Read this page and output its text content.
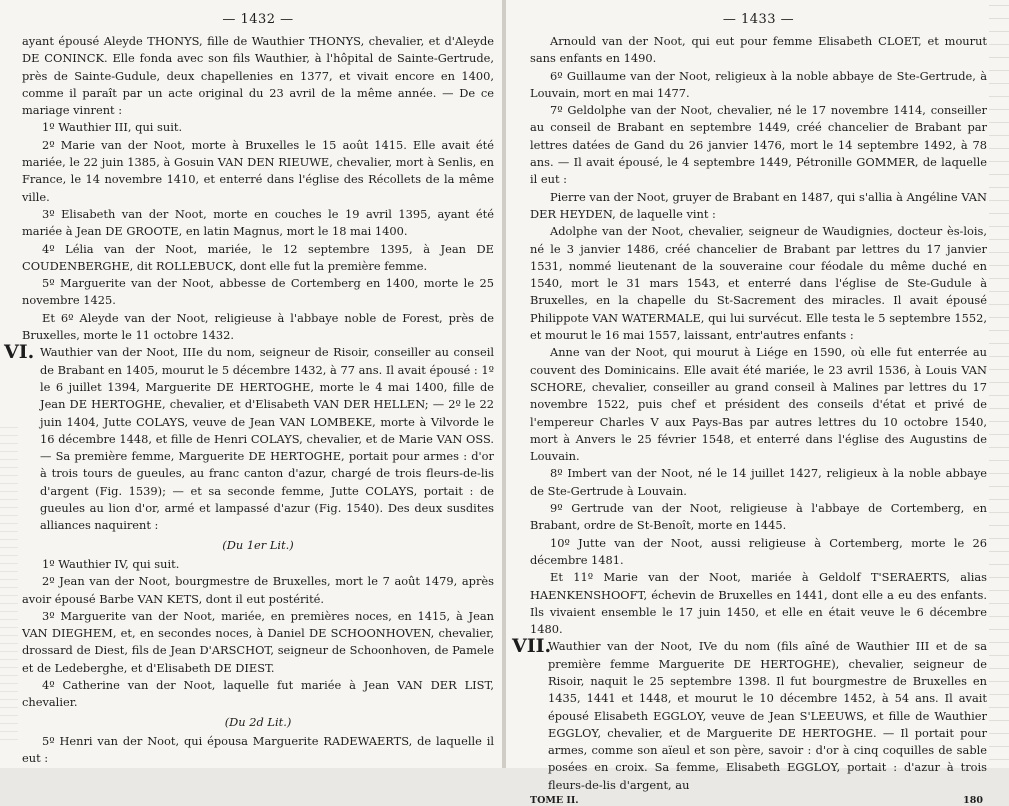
— 1432 —

ayant épousé Aleyde THONYS, fille de Wauthier THONYS, chevalier, et d'Aleyde DE CONINCK. Elle fonda avec son fils Wauthier, à l'hôpital de Sainte-Gertrude, près de Sainte-Gudule, deux chapellenies en 1377, et vivait encore en 1400, comme il paraît par un acte original du 23 avril de la même année. — De ce mariage vinrent :

1º Wauthier III, qui suit.

2º Marie van der Noot, morte à Bruxelles le 15 août 1415. Elle avait été mariée, le 22 juin 1385, à Gosuin VAN DEN RIEUWE, chevalier, mort à Senlis, en France, le 14 novembre 1410, et enterré dans l'église des Récollets de la même ville.

3º Elisabeth van der Noot, morte en couches le 19 avril 1395, ayant été mariée à Jean DE GROOTE, en latin Magnus, mort le 18 mai 1400.

4º Lélia van der Noot, mariée, le 12 septembre 1395, à Jean DE COUDENBERGHE, dit ROLLEBUCK, dont elle fut la première femme.

5º Marguerite van der Noot, abbesse de Cortemberg en 1400, morte le 25 novembre 1425.

Et 6º Aleyde van der Noot, religieuse à l'abbaye noble de Forest, près de Bruxelles, morte le 11 octobre 1432.

VI. Wauthier van der Noot, IIIe du nom, seigneur de Risoir, conseiller au conseil de Brabant en 1405, mourut le 5 décembre 1432, à 77 ans. Il avait épousé : 1º le 6 juillet 1394, Marguerite DE HERTOGHE, morte le 4 mai 1400, fille de Jean DE HERTOGHE, chevalier, et d'Elisabeth VAN DER HELLEN; — 2º le 22 juin 1404, Jutte COLAYS, veuve de Jean VAN LOMBEKE, morte à Vilvorde le 16 décembre 1448, et fille de Henri COLAYS, chevalier, et de Marie VAN OSS. — Sa première femme, Marguerite DE HERTOGHE, portait pour armes : d'or à trois tours de gueules, au franc canton d'azur, chargé de trois fleurs-de-lis d'argent (Fig. 1539); — et sa seconde femme, Jutte COLAYS, portait : de gueules au lion d'or, armé et lampassé d'azur (Fig. 1540). Des deux susdites alliances naquirent :

(Du 1er Lit.)

1º Wauthier IV, qui suit.

2º Jean van der Noot, bourgmestre de Bruxelles, mort le 7 août 1479, après avoir épousé Barbe VAN KETS, dont il eut postérité.

3º Marguerite van der Noot, mariée, en premières noces, en 1415, à Jean VAN DIEGHEM, et, en secondes noces, à Daniel DE SCHOONHOVEN, chevalier, drossard de Diest, fils de Jean D'ARSCHOT, seigneur de Schoonhoven, de Pamele et de Ledeberghe, et d'Elisabeth DE DIEST.

4º Catherine van der Noot, laquelle fut mariée à Jean VAN DER LIST, chevalier.

(Du 2d Lit.)

5º Henri van der Noot, qui épousa Marguerite RADEWAERTS, de laquelle il eut :

— 1433 —

Arnould van der Noot, qui eut pour femme Elisabeth CLOET, et mourut sans enfants en 1490.

6º Guillaume van der Noot, religieux à la noble abbaye de Ste-Gertrude, à Louvain, mort en mai 1477.

7º Geldolphe van der Noot, chevalier, né le 17 novembre 1414, conseiller au conseil de Brabant en septembre 1449, créé chancelier de Brabant par lettres datées de Gand du 26 janvier 1476, mort le 14 septembre 1492, à 78 ans. — Il avait épousé, le 4 septembre 1449, Pétronille GOMMER, de laquelle il eut :

Pierre van der Noot, gruyer de Brabant en 1487, qui s'allia à Angéline VAN DER HEYDEN, de laquelle vint :

Adolphe van der Noot, chevalier, seigneur de Waudignies, docteur ès-lois, né le 3 janvier 1486, créé chancelier de Brabant par lettres du 17 janvier 1531, nommé lieutenant de la souveraine cour féodale du même duché en 1540, mort le 31 mars 1543, et enterré dans l'église de Ste-Gudule à Bruxelles, en la chapelle du St-Sacrement des miracles. Il avait épousé Philippote VAN WATERMALE, qui lui survécut. Elle testa le 5 septembre 1552, et mourut le 16 mai 1557, laissant, entr'autres enfants :

Anne van der Noot, qui mourut à Liége en 1590, où elle fut enterrée au couvent des Dominicains. Elle avait été mariée, le 23 avril 1536, à Louis VAN SCHORE, chevalier, conseiller au grand conseil à Malines par lettres du 17 novembre 1522, puis chef et président des conseils d'état et privé de l'empereur Charles V aux Pays-Bas par autres lettres du 10 octobre 1540, mort à Anvers le 25 février 1548, et enterré dans l'église des Augustins de Louvain.

8º Imbert van der Noot, né le 14 juillet 1427, religieux à la noble abbaye de Ste-Gertrude à Louvain.

9º Gertrude van der Noot, religieuse à l'abbaye de Cortemberg, en Brabant, ordre de St-Benoît, morte en 1445.

10º Jutte van der Noot, aussi religieuse à Cortemberg, morte le 26 décembre 1481.

Et 11º Marie van der Noot, mariée à Geldolf T'SERAERTS, alias HAENKENSHOOFT, échevin de Bruxelles en 1441, dont elle a eu des enfants. Ils vivaient ensemble le 17 juin 1450, et elle en était veuve le 6 décembre 1480.

VII.

Wauthier van der Noot, IVe du nom (fils aîné de Wauthier III et de sa première femme Marguerite DE HERTOGHE), chevalier, seigneur de Risoir, naquit le 25 septembre 1398. Il fut bourgmestre de Bruxelles en 1435, 1441 et 1448, et mourut le 10 décembre 1452, à 54 ans. Il avait épousé Elisabeth EGGLOY, veuve de Jean S'LEEUWS, et fille de Wauthier EGGLOY, chevalier, et de Marguerite DE HERTOGHE. — Il portait pour armes, comme son aïeul et son père, savoir : d'or à cinq coquilles de sable posées en croix. Sa femme, Elisabeth EGGLOY, portait : d'azur à trois fleurs-de-lis d'argent, au

TOME II.	180
